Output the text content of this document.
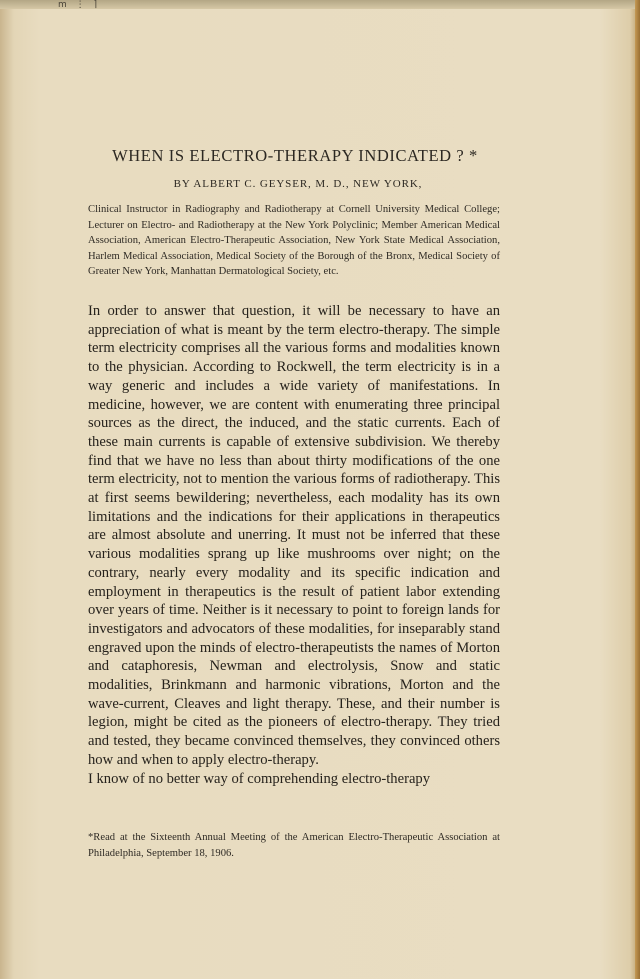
m ⋮ ⌉
WHEN IS ELECTRO-THERAPY INDICATED ? *
BY ALBERT C. GEYSER, M. D., NEW YORK,
Clinical Instructor in Radiography and Radiotherapy at Cornell University Medical College; Lecturer on Electro- and Radiotherapy at the New York Polyclinic; Member American Medical Association, American Electro-Therapeutic Association, New York State Medical Association, Harlem Medical Association, Medical Society of the Borough of the Bronx, Medical Society of Greater New York, Manhattan Dermatological Society, etc.

In order to answer that question, it will be necessary to have an appreciation of what is meant by the term electro-therapy. The simple term electricity comprises all the various forms and modalities known to the physician. According to Rockwell, the term electricity is in a way generic and includes a wide variety of manifestations. In medicine, however, we are content with enumerating three principal sources as the direct, the induced, and the static currents. Each of these main currents is capable of extensive subdivision. We thereby find that we have no less than about thirty modifications of the one term electricity, not to mention the various forms of radiotherapy. This at first seems bewildering; nevertheless, each modality has its own limitations and the indications for their applications in therapeutics are almost absolute and unerring. It must not be inferred that these various modalities sprang up like mushrooms over night; on the contrary, nearly every modality and its specific indication and employment in therapeutics is the result of patient labor extending over years of time. Neither is it necessary to point to foreign lands for investigators and advocators of these modalities, for inseparably stand engraved upon the minds of electro-therapeutists the names of Morton and cataphoresis, Newman and electrolysis, Snow and static modalities, Brinkmann and harmonic vibrations, Morton and the wave-current, Cleaves and light therapy. These, and their number is legion, might be cited as the pioneers of electro-therapy. They tried and tested, they became convinced themselves, they convinced others how and when to apply electro-therapy.

I know of no better way of comprehending electro-therapy

*Read at the Sixteenth Annual Meeting of the American Electro-Therapeutic Association at Philadelphia, September 18, 1906.
